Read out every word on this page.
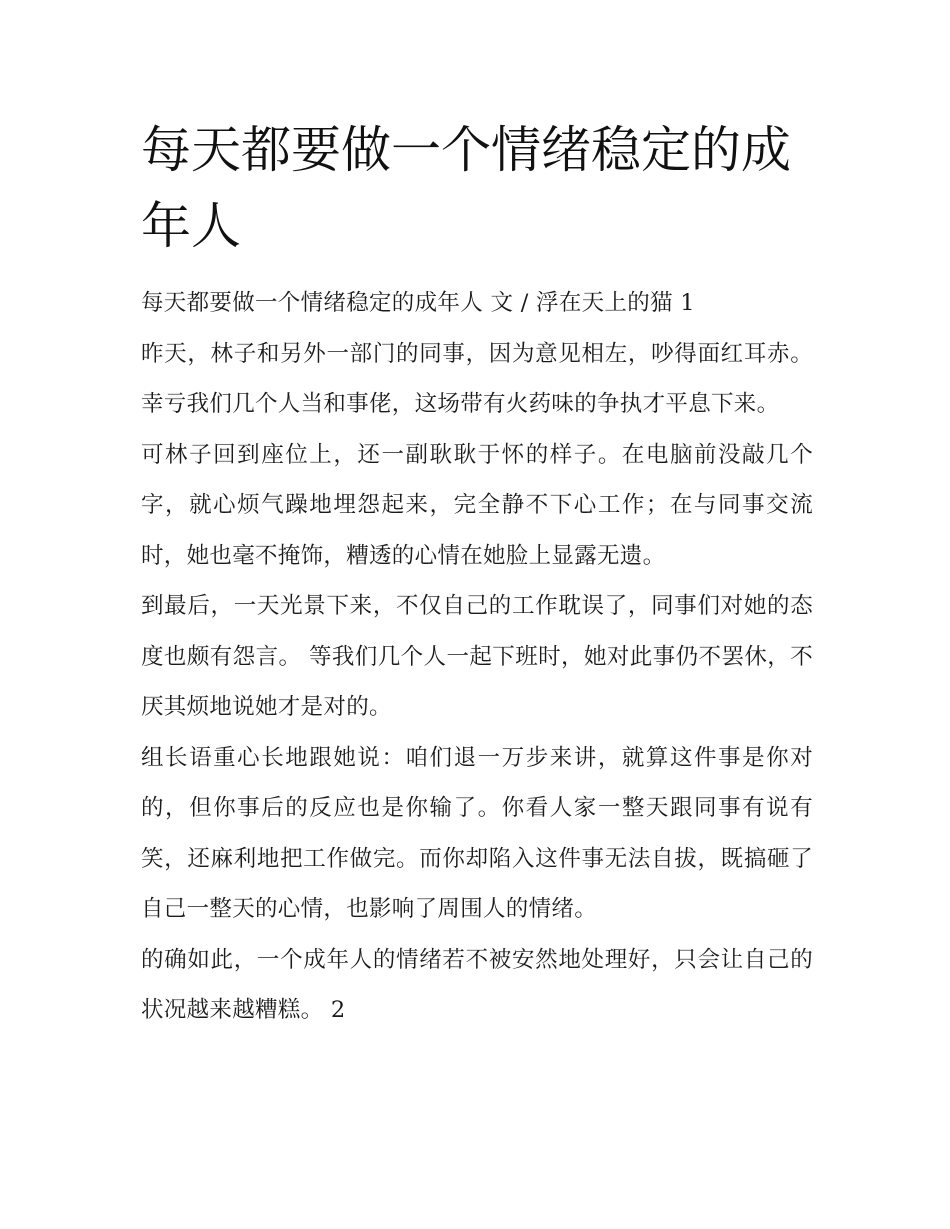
每天都要做一个情绪稳定的成年人

每天都要做一个情绪稳定的成年人 文 / 浮在天上的猫 1

昨天，林子和另外一部门的同事，因为意见相左，吵得面红耳赤。幸亏我们几个人当和事佬，这场带有火药味的争执才平息下来。

可林子回到座位上，还一副耿耿于怀的样子。在电脑前没敲几个字，就心烦气躁地埋怨起来，完全静不下心工作；在与同事交流时，她也毫不掩饰，糟透的心情在她脸上显露无遗。

到最后，一天光景下来，不仅自己的工作耽误了，同事们对她的态度也颇有怨言。 等我们几个人一起下班时，她对此事仍不罢休，不厌其烦地说她才是对的。

组长语重心长地跟她说：咱们退一万步来讲，就算这件事是你对的，但你事后的反应也是你输了。你看人家一整天跟同事有说有笑，还麻利地把工作做完。而你却陷入这件事无法自拔，既搞砸了自己一整天的心情，也影响了周围人的情绪。

的确如此，一个成年人的情绪若不被安然地处理好，只会让自己的状况越来越糟糕。 2
